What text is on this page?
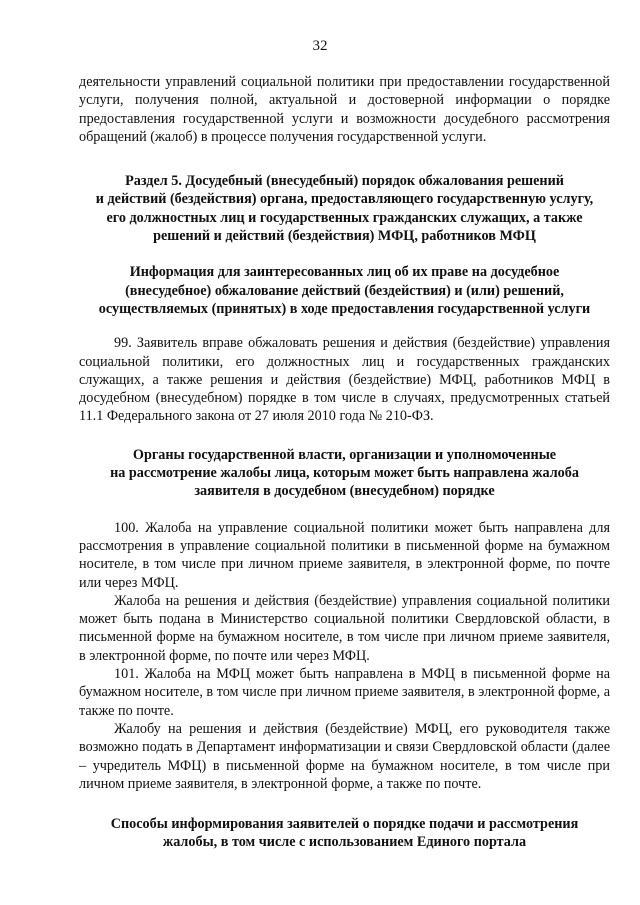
32

деятельности управлений социальной политики при предоставлении государственной услуги, получения полной, актуальной и достоверной информации о порядке предоставления государственной услуги и возможности досудебного рассмотрения обращений (жалоб) в процессе получения государственной услуги.

Раздел 5. Досудебный (внесудебный) порядок обжалования решений
и действий (бездействия) органа, предоставляющего государственную услугу,
его должностных лиц и государственных гражданских служащих, а также
решений и действий (бездействия) МФЦ, работников МФЦ
Информация для заинтересованных лиц об их праве на досудебное
(внесудебное) обжалование действий (бездействия) и (или) решений,
осуществляемых (принятых) в ходе предоставления государственной услуги

99. Заявитель вправе обжаловать решения и действия (бездействие) управления социальной политики, его должностных лиц и государственных гражданских служащих, а также решения и действия (бездействие) МФЦ, работников МФЦ в досудебном (внесудебном) порядке в том числе в случаях, предусмотренных статьей 11.1 Федерального закона от 27 июля 2010 года № 210-ФЗ.

Органы государственной власти, организации и уполномоченные
на рассмотрение жалобы лица, которым может быть направлена жалоба
заявителя в досудебном (внесудебном) порядке

100. Жалоба на управление социальной политики может быть направлена для рассмотрения в управление социальной политики в письменной форме на бумажном носителе, в том числе при личном приеме заявителя, в электронной форме, по почте или через МФЦ.

Жалоба на решения и действия (бездействие) управления социальной политики может быть подана в Министерство социальной политики Свердловской области, в письменной форме на бумажном носителе, в том числе при личном приеме заявителя, в электронной форме, по почте или через МФЦ.

101. Жалоба на МФЦ может быть направлена в МФЦ в письменной форме на бумажном носителе, в том числе при личном приеме заявителя, в электронной форме, а также по почте.

Жалобу на решения и действия (бездействие) МФЦ, его руководителя также возможно подать в Департамент информатизации и связи Свердловской области (далее – учредитель МФЦ) в письменной форме на бумажном носителе, в том числе при личном приеме заявителя, в электронной форме, а также по почте.

Способы информирования заявителей о порядке подачи и рассмотрения
жалобы, в том числе с использованием Единого портала
